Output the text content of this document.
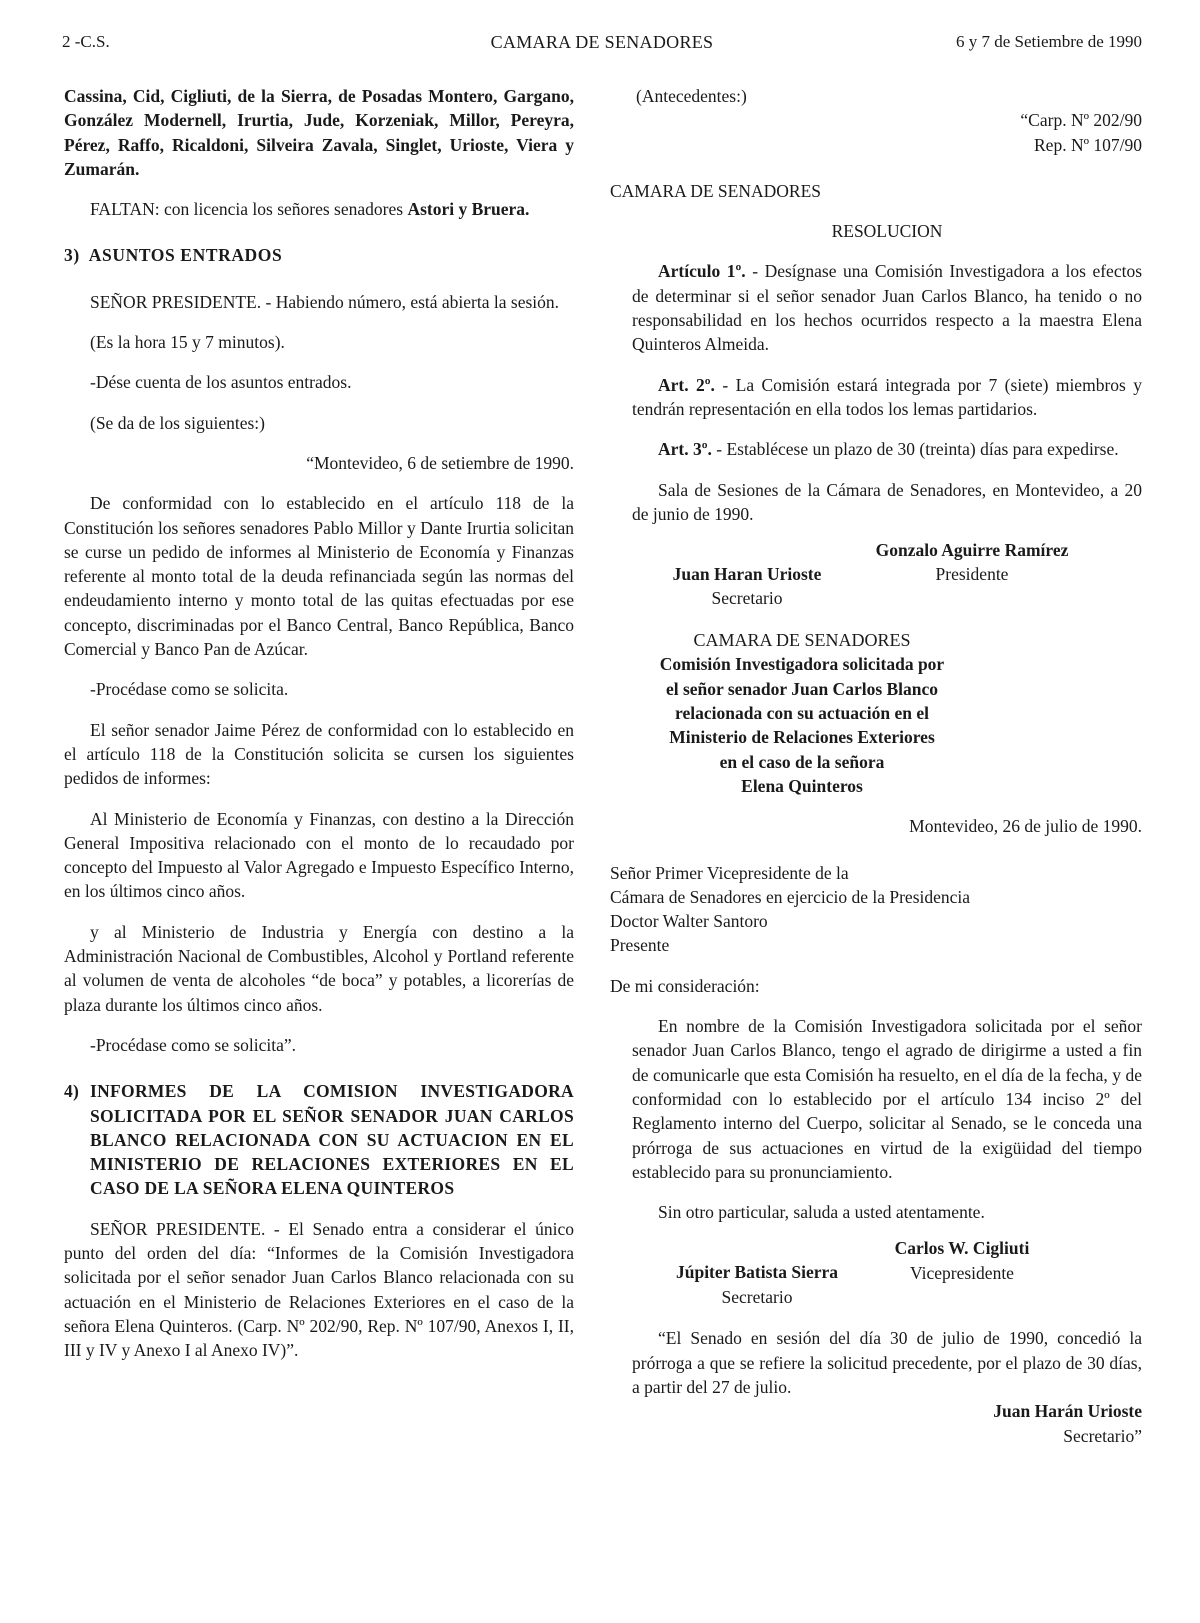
2 -C.S.	CAMARA DE SENADORES	6 y 7 de Setiembre de 1990

Cassina, Cid, Cigliuti, de la Sierra, de Posadas Montero, Gargano, González Modernell, Irurtia, Jude, Korzeniak, Millor, Pereyra, Pérez, Raffo, Ricaldoni, Silveira Zavala, Singlet, Urioste, Viera y Zumarán.

FALTAN: con licencia los señores senadores Astori y Bruera.

3) ASUNTOS ENTRADOS

SEÑOR PRESIDENTE. - Habiendo número, está abierta la sesión.

(Es la hora 15 y 7 minutos).

-Dése cuenta de los asuntos entrados.

(Se da de los siguientes:)

“Montevideo, 6 de setiembre de 1990.

De conformidad con lo establecido en el artículo 118 de la Constitución los señores senadores Pablo Millor y Dante Irurtia solicitan se curse un pedido de informes al Ministerio de Economía y Finanzas referente al monto total de la deuda refinanciada según las normas del endeudamiento interno y monto total de las quitas efectuadas por ese concepto, discriminadas por el Banco Central, Banco República, Banco Comercial y Banco Pan de Azúcar.

-Procédase como se solicita.

El señor senador Jaime Pérez de conformidad con lo establecido en el artículo 118 de la Constitución solicita se cursen los siguientes pedidos de informes:

Al Ministerio de Economía y Finanzas, con destino a la Dirección General Impositiva relacionado con el monto de lo recaudado por concepto del Impuesto al Valor Agregado e Impuesto Específico Interno, en los últimos cinco años.

y al Ministerio de Industria y Energía con destino a la Administración Nacional de Combustibles, Alcohol y Portland referente al volumen de venta de alcoholes “de boca” y potables, a licorerías de plaza durante los últimos cinco años.

-Procédase como se solicita”.

4) INFORMES DE LA COMISION INVESTIGADORA SOLICITADA POR EL SEÑOR SENADOR JUAN CARLOS BLANCO RELACIONADA CON SU ACTUACION EN EL MINISTERIO DE RELACIONES EXTERIORES EN EL CASO DE LA SEÑORA ELENA QUINTEROS

SEÑOR PRESIDENTE. - El Senado entra a considerar el único punto del orden del día: “Informes de la Comisión Investigadora solicitada por el señor senador Juan Carlos Blanco relacionada con su actuación en el Ministerio de Relaciones Exteriores en el caso de la señora Elena Quinteros. (Carp. Nº 202/90, Rep. Nº 107/90, Anexos I, II, III y IV y Anexo I al Anexo IV)”.

(Antecedentes:)

“Carp. Nº 202/90

Rep. Nº 107/90

CAMARA DE SENADORES

RESOLUCION

Artículo 1º. - Desígnase una Comisión Investigadora a los efectos de determinar si el señor senador Juan Carlos Blanco, ha tenido o no responsabilidad en los hechos ocurridos respecto a la maestra Elena Quinteros Almeida.

Art. 2º. - La Comisión estará integrada por 7 (siete) miembros y tendrán representación en ella todos los lemas partidarios.

Art. 3º. - Establécese un plazo de 30 (treinta) días para expedirse.

Sala de Sesiones de la Cámara de Senadores, en Montevideo, a 20 de junio de 1990.

Gonzalo Aguirre Ramírez
Presidente
Juan Haran Urioste
Secretario
CAMARA DE SENADORES
Comisión Investigadora solicitada por
el señor senador Juan Carlos Blanco
relacionada con su actuación en el
Ministerio de Relaciones Exteriores
en el caso de la señora
Elena Quinteros

Montevideo, 26 de julio de 1990.

Señor Primer Vicepresidente de la

Cámara de Senadores en ejercicio de la Presidencia

Doctor Walter Santoro

Presente

De mi consideración:

En nombre de la Comisión Investigadora solicitada por el señor senador Juan Carlos Blanco, tengo el agrado de dirigirme a usted a fin de comunicarle que esta Comisión ha resuelto, en el día de la fecha, y de conformidad con lo establecido por el artículo 134 inciso 2º del Reglamento interno del Cuerpo, solicitar al Senado, se le conceda una prórroga de sus actuaciones en virtud de la exigüidad del tiempo establecido para su pronunciamiento.

Sin otro particular, saluda a usted atentamente.

Carlos W. Cigliuti
Vicepresidente
Júpiter Batista Sierra
Secretario

“El Senado en sesión del día 30 de julio de 1990, concedió la prórroga a que se refiere la solicitud precedente, por el plazo de 30 días, a partir del 27 de julio.

Juan Harán Urioste

Secretario”
